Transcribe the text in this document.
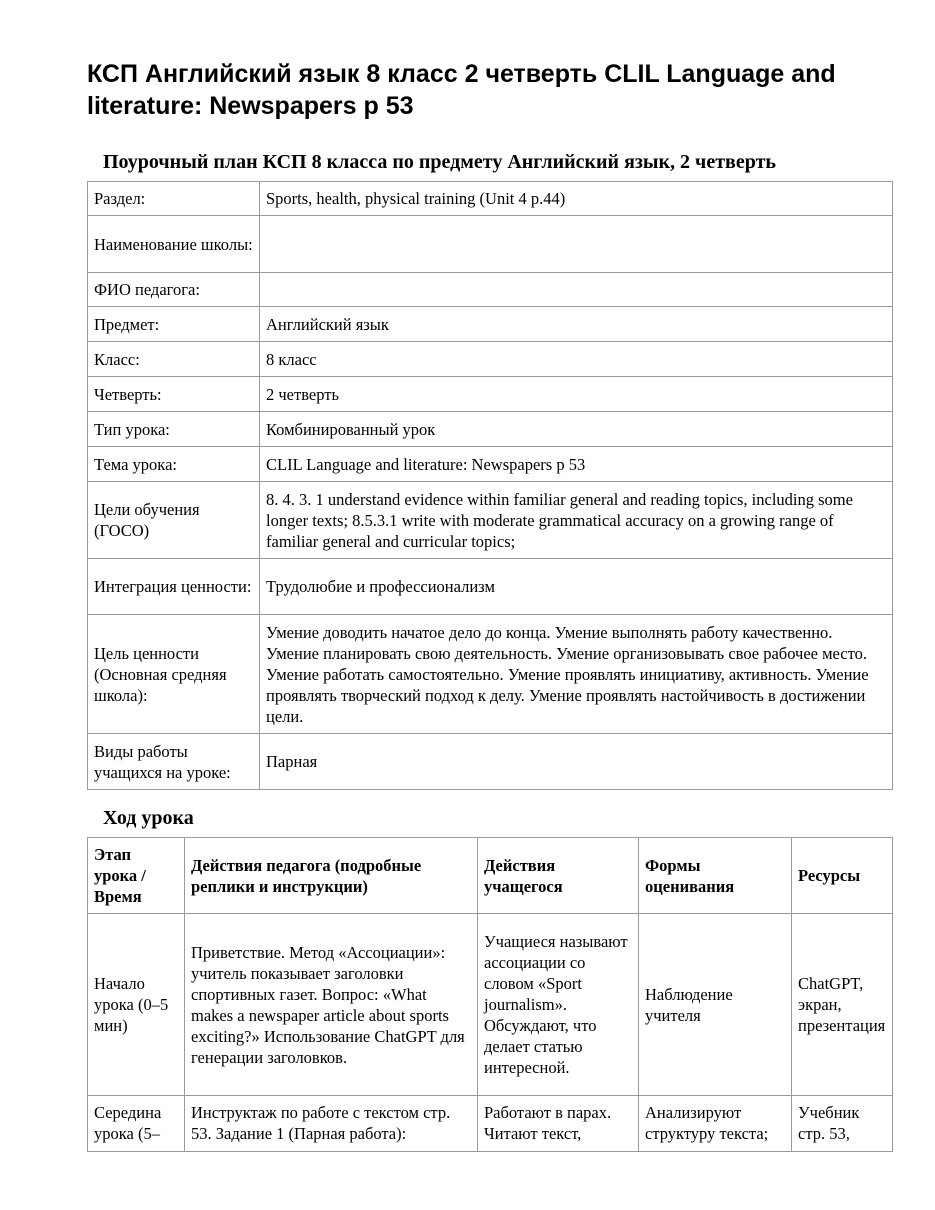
КСП Английский язык 8 класс 2 четверть CLIL Language and literature: Newspapers p 53
Поурочный план КСП 8 класса по предмету Английский язык, 2 четверть
Раздел:	Sports, health, physical training (Unit 4 p.44)
Наименование школы:	
ФИО педагога:	
Предмет:	Английский язык
Класс:	8 класс
Четверть:	2 четверть
Тип урока:	Комбинированный урок
Тема урока:	CLIL Language and literature: Newspapers p 53
Цели обучения (ГОСО)	8. 4. 3. 1 understand evidence within familiar general and reading topics, including some longer texts; 8.5.3.1 write with moderate grammatical accuracy on a growing range of familiar general and curricular topics;
Интеграция ценности:	Трудолюбие и профессионализм
Цель ценности (Основная средняя школа):	Умение доводить начатое дело до конца. Умение выполнять работу качественно. Умение планировать свою деятельность. Умение организовывать свое рабочее место. Умение работать самостоятельно. Умение проявлять инициативу, активность. Умение проявлять творческий подход к делу. Умение проявлять настойчивость в достижении цели.
Виды работы учащихся на уроке:	Парная
Ход урока
Этап урока / Время	Действия педагога (подробные реплики и инструкции)	Действия учащегося	Формы оценивания	Ресурсы
Начало урока (0–5 мин)	Приветствие. Метод «Ассоциации»: учитель показывает заголовки спортивных газет. Вопрос: «What makes a newspaper article about sports exciting?» Использование ChatGPT для генерации заголовков.	Учащиеся называют ассоциации со словом «Sport journalism». Обсуждают, что делает статью интересной.	Наблюдение учителя	ChatGPT, экран, презентация
Середина урока (5–	Инструктаж по работе с текстом стр. 53. Задание 1 (Парная работа):	Работают в парах. Читают текст,	Анализируют структуру текста;	Учебник стр. 53,
